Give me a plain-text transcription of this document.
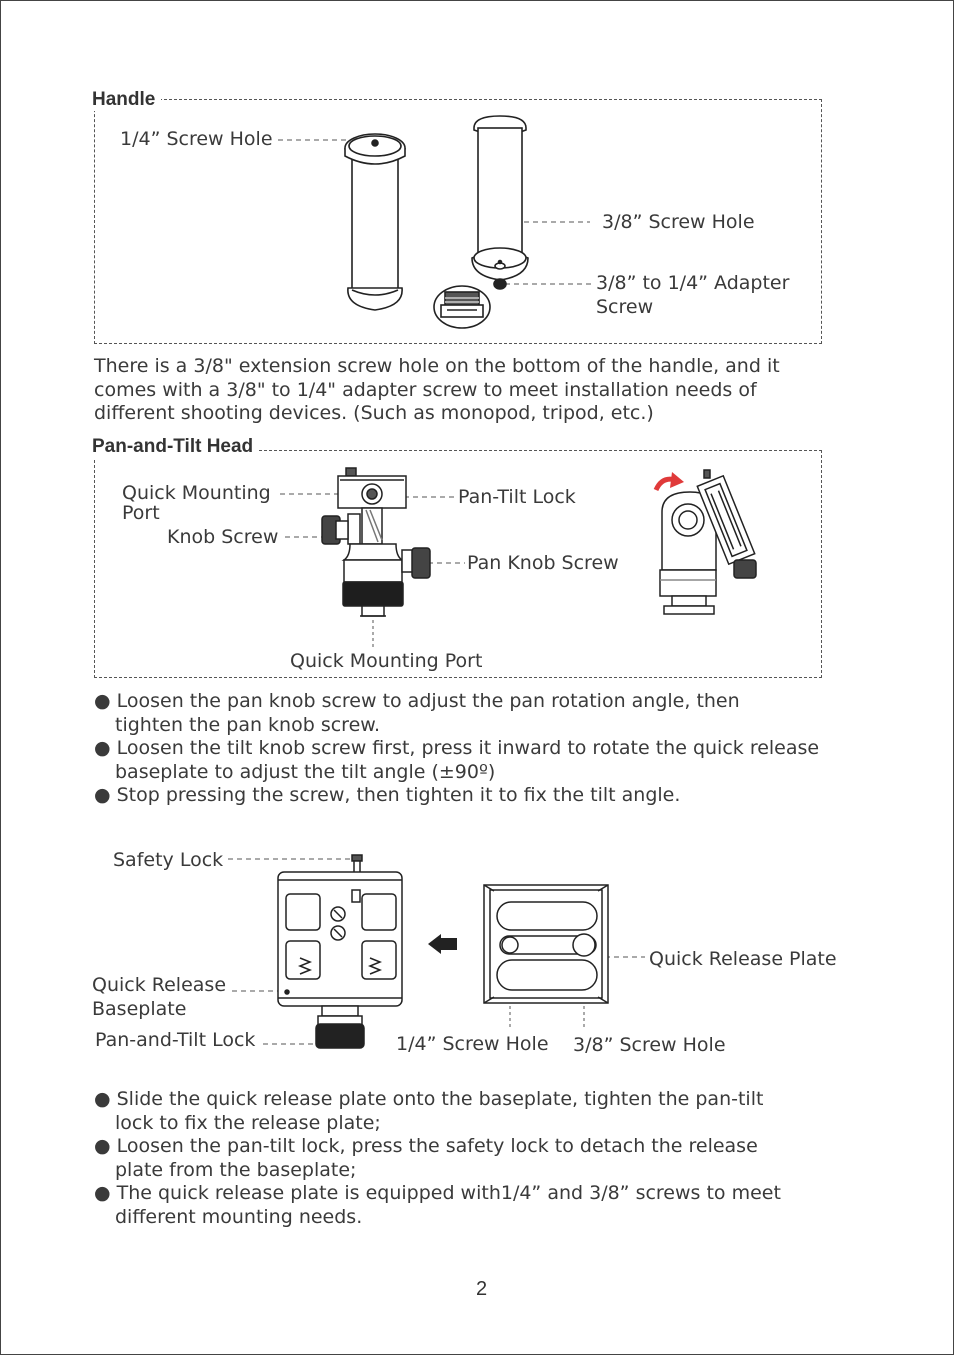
Handle
1/4” Screw Hole
3/8” Screw Hole
3/8” to 1/4” Adapter
Screw
There is a 3/8" extension screw hole on the bottom of the handle, and it
comes with a 3/8" to 1/4" adapter screw to meet installation needs of
different shooting devices. (Such as monopod, tripod, etc.)
Pan-and-Tilt Head
Quick Mounting
Port
Knob Screw
Pan-Tilt Lock
Pan Knob Screw
Quick Mounting Port
● Loosen the pan knob screw to adjust the pan rotation angle, then
tighten the pan knob screw.
● Loosen the tilt knob screw first, press it inward to rotate the quick release
baseplate to adjust the tilt angle (±90º)
● Stop pressing the screw, then tighten it to fix the tilt angle.
Safety Lock
Quick Release
Baseplate
Pan-and-Tilt Lock	1/4” Screw Hole 3/8” Screw Hole
Quick Release Plate
● Slide the quick release plate onto the baseplate, tighten the pan-tilt
lock to fix the release plate;
● Loosen the pan-tilt lock, press the safety lock to detach the release
plate from the baseplate;
● The quick release plate is equipped with1/4” and 3/8” screws to meet
different mounting needs.
2
